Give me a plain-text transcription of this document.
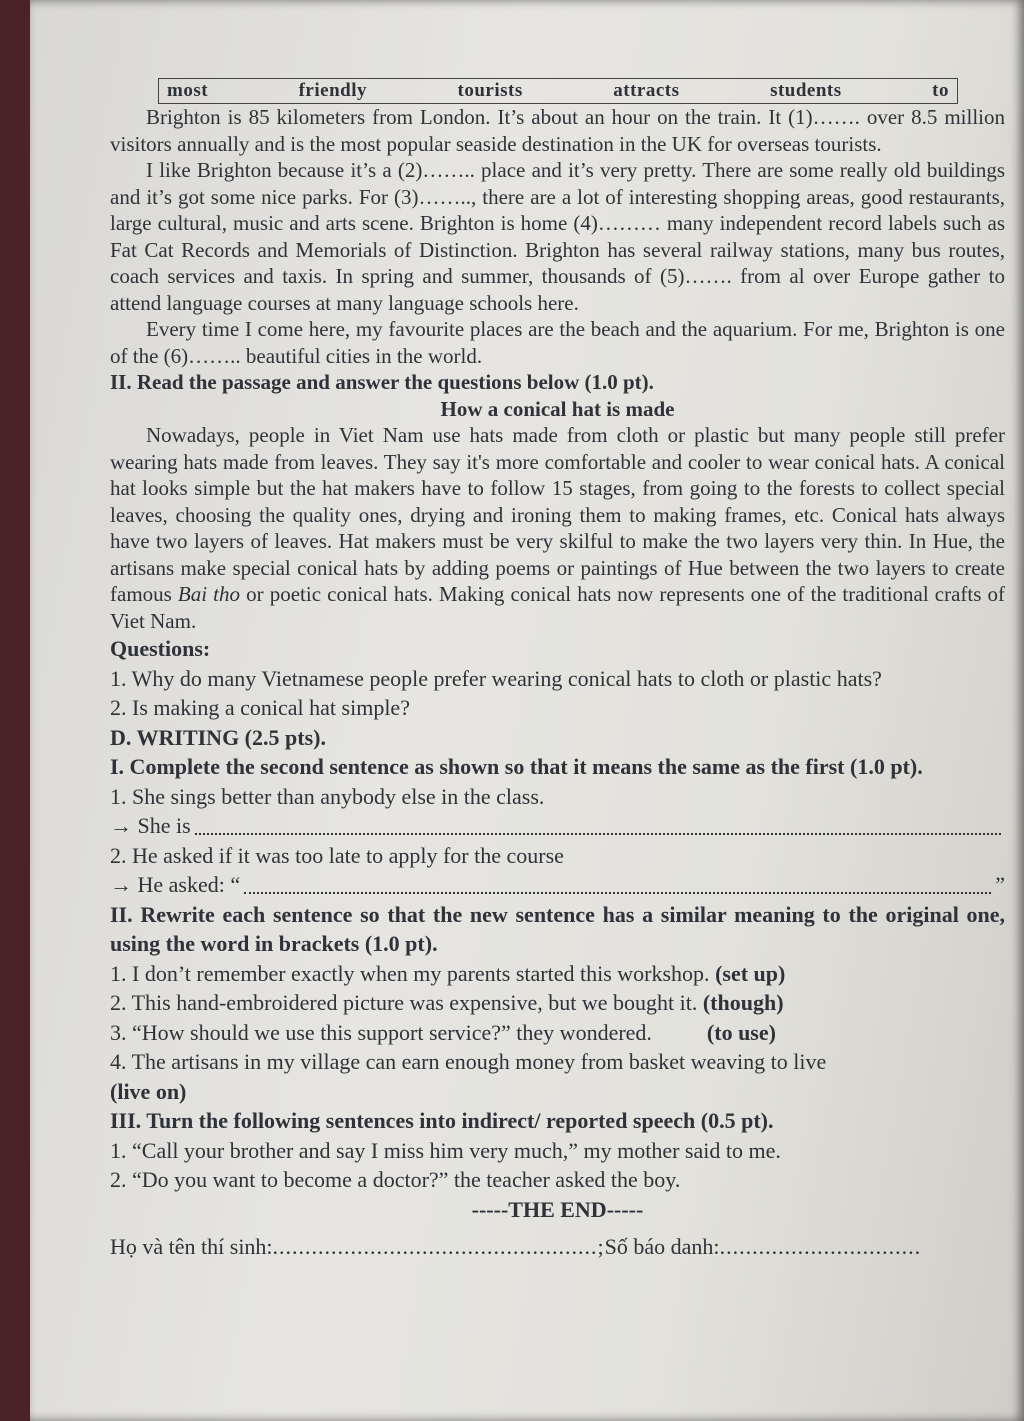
most	friendly	tourists	attracts	students	to

Brighton is 85 kilometers from London. It’s about an hour on the train. It (1)……. over 8.5 million visitors annually and is the most popular seaside destination in the UK for overseas tourists.

I like Brighton because it’s a (2)…….. place and it’s very pretty. There are some really old buildings and it’s got some nice parks. For (3)…….., there are a lot of interesting shopping areas, good restaurants, large cultural, music and arts scene. Brighton is home (4)……… many independent record labels such as Fat Cat Records and Memorials of Distinction. Brighton has several railway stations, many bus routes, coach services and taxis. In spring and summer, thousands of (5)……. from al over Europe gather to attend language courses at many language schools here.

Every time I come here, my favourite places are the beach and the aquarium. For me, Brighton is one of the (6)…….. beautiful cities in the world.

II. Read the passage and answer the questions below (1.0 pt).

How a conical hat is made

Nowadays, people in Viet Nam use hats made from cloth or plastic but many people still prefer wearing hats made from leaves. They say it's more comfortable and cooler to wear conical hats. A conical hat looks simple but the hat makers have to follow 15 stages, from going to the forests to collect special leaves, choosing the quality ones, drying and ironing them to making frames, etc. Conical hats always have two layers of leaves. Hat makers must be very skilful to make the two layers very thin. In Hue, the artisans make special conical hats by adding poems or paintings of Hue between the two layers to create famous Bai tho or poetic conical hats. Making conical hats now represents one of the traditional crafts of Viet Nam.

Questions:

1. Why do many Vietnamese people prefer wearing conical hats to cloth or plastic hats?

2. Is making a conical hat simple?

D. WRITING (2.5 pts).

I. Complete the second sentence as shown so that it means the same as the first (1.0 pt).

1. She sings better than anybody else in the class.

→ She is

2. He asked if it was too late to apply for the course

→ He asked: “	”

II. Rewrite each sentence so that the new sentence has a similar meaning to the original one, using the word in brackets (1.0 pt).

1. I don’t remember exactly when my parents started this workshop. (set up)

2. This hand-embroidered picture was expensive, but we bought it. (though)

3. “How should we use this support service?” they wondered.          (to use)

4. The artisans in my village can earn enough money from basket weaving to live

(live on)

III. Turn the following sentences into indirect/ reported speech (0.5 pt).

1. “Call your brother and say I miss him very much,” my mother said to me.

2. “Do you want to become a doctor?” the teacher asked the boy.

-----THE END-----

Họ và tên thí sinh: ..................................................; Số báo danh: ...............................
